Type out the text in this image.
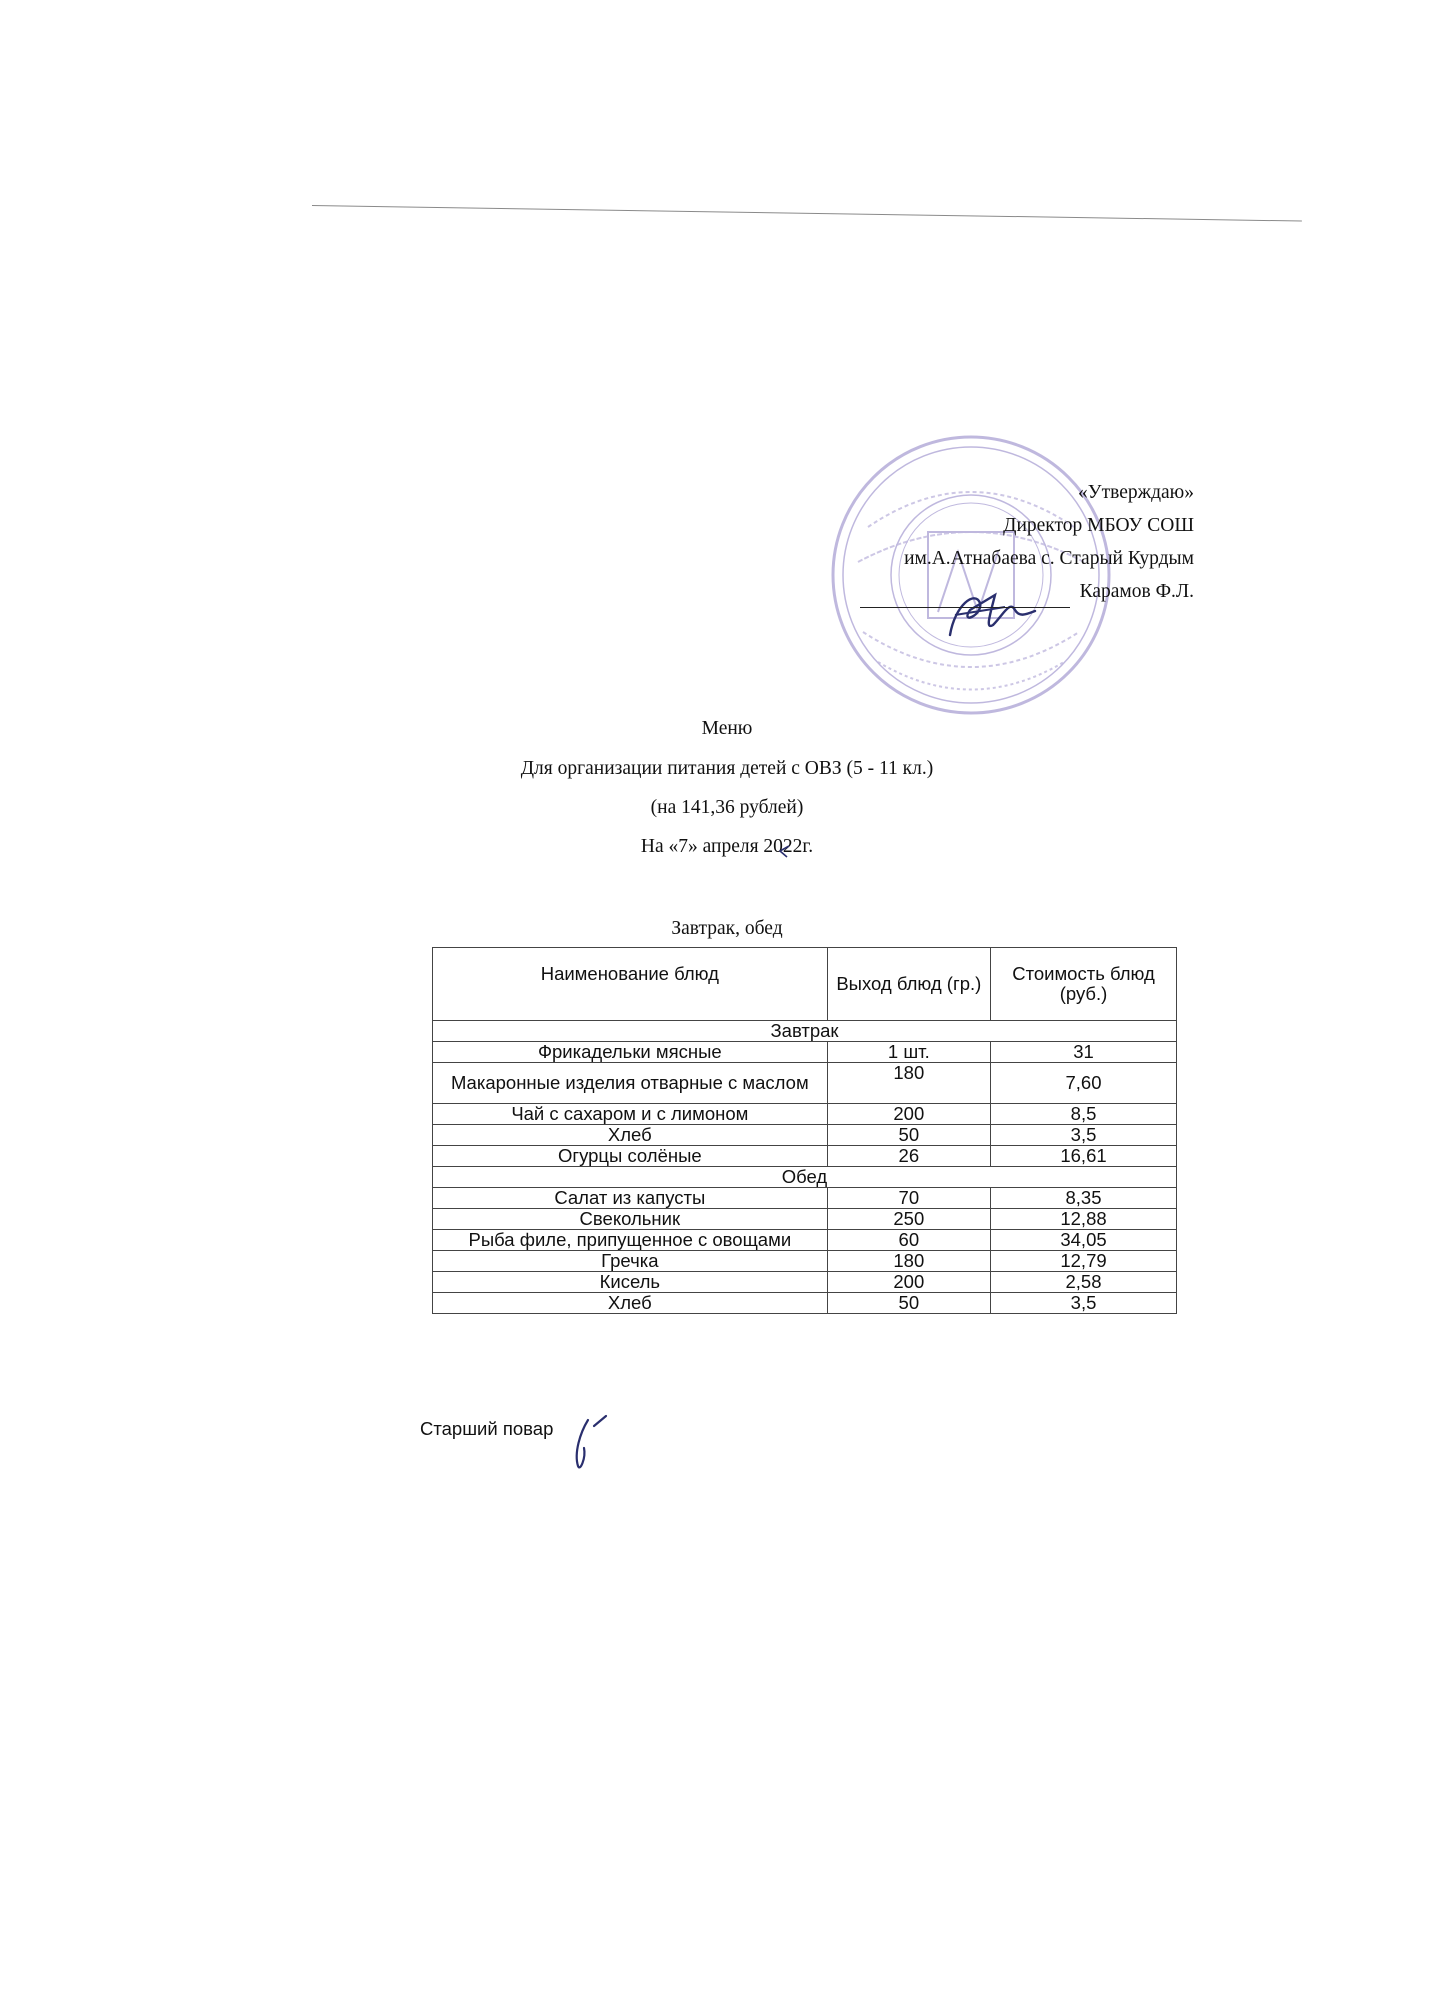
«Утверждаю»
Директор МБОУ СОШ
им.А.Атнабаева с. Старый Курдым
Карамов Ф.Л.
Меню
Для организации питания детей с ОВЗ (5 - 11 кл.)
(на 141,36 рублей)
На «7» апреля 2022г.
Завтрак, обед
Наименование блюд	Выход блюд (гр.)	Стоимость блюд (руб.)
Завтрак		
Фрикадельки мясные	1 шт.	31
Макаронные изделия отварные с маслом	180	7,60
Чай с сахаром и с лимоном	200	8,5
Хлеб	50	3,5
Огурцы солёные	26	16,61
Обед		
Салат из капусты	70	8,35
Свекольник	250	12,88
Рыба филе, припущенное с овощами	60	34,05
Гречка	180	12,79
Кисель	200	2,58
Хлеб	50	3,5
Старший повар
